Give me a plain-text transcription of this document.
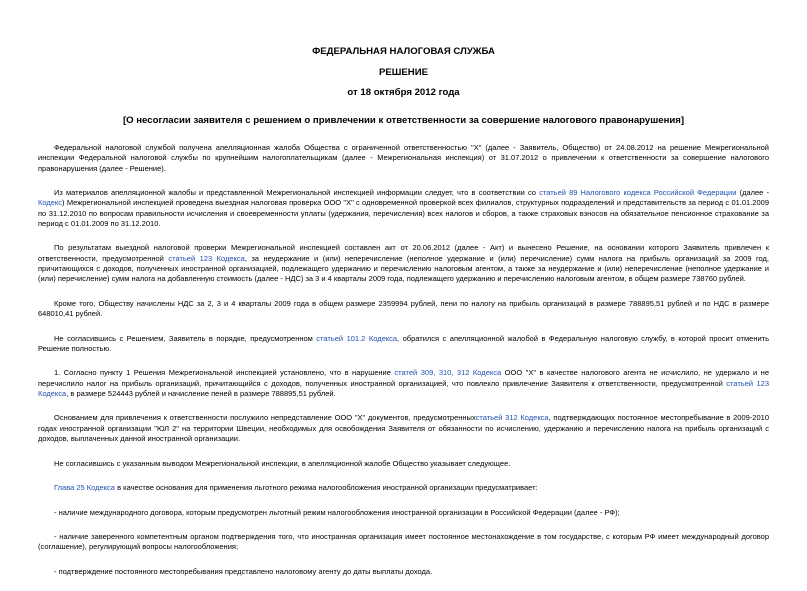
ФЕДЕРАЛЬНАЯ НАЛОГОВАЯ СЛУЖБА

РЕШЕНИЕ

от 18 октября 2012 года

[О несогласии заявителя с решением о привлечении к ответственности за совершение налогового правонарушения]

Федеральной налоговой службой получена апелляционная жалоба Общества с ограниченной ответственностью "Х" (далее - Заявитель, Общество) от 24.08.2012 на решение Межрегиональной инспекции Федеральной налоговой службы по крупнейшим налогоплательщикам (далее - Межрегиональная инспекция) от 31.07.2012 о привлечении к ответственности за совершение налогового правонарушения (далее - Решение).

Из материалов апелляционной жалобы и представленной Межрегиональной инспекцией информации следует, что в соответствии со статьей 89 Налогового кодекса Российской Федерации (далее - Кодекс) Межрегиональной инспекцией проведена выездная налоговая проверка ООО "Х" с одновременной проверкой всех филиалов, структурных подразделений и представительств за период с 01.01.2009 по 31.12.2010 по вопросам правильности исчисления и своевременности уплаты (удержания, перечисления) всех налогов и сборов, а также страховых взносов на обязательное пенсионное страхование за период с 01.01.2009 по 31.12.2010.

По результатам выездной налоговой проверки Межрегиональной инспекцией составлен акт от 20.06.2012 (далее - Акт) и вынесено Решение, на основании которого Заявитель привлечен к ответственности, предусмотренной статьей 123 Кодекса, за неудержание и (или) неперечисление (неполное удержание и (или) перечисление) сумм налога на прибыль организаций за 2009 год, причитающихся с доходов, полученных иностранной организацией, подлежащего удержанию и перечислению налоговым агентом, а также за неудержание и (или) неперечисление (неполное удержание и (или) перечисление) сумм налога на добавленную стоимость (далее - НДС) за 3 и 4 кварталы 2009 года, подлежащего удержанию и перечислению налоговым агентом, в общем размере 738760 рублей.

Кроме того, Обществу начислены НДС за 2, 3 и 4 кварталы 2009 года в общем размере 2359994 рублей, пени по налогу на прибыль организаций в размере 788895,51 рублей и по НДС в размере 648010,41 рублей.

Не согласившись с Решением, Заявитель в порядке, предусмотренном статьей 101.2 Кодекса, обратился с апелляционной жалобой в Федеральную налоговую службу, в которой просит отменить Решение полностью.

1. Согласно пункту 1 Решения Межрегиональной инспекцией установлено, что в нарушение статей 309, 310, 312 Кодекса ООО "Х" в качестве налогового агента не исчислило, не удержало и не перечислило налог на прибыль организаций, причитающийся с доходов, полученных иностранной организацией, что повлекло привлечение Заявителя к ответственности, предусмотренной статьей 123 Кодекса, в размере 524443 рублей и начисление пеней в размере 788895,51 рублей.

Основанием для привлечения к ответственности послужило непредставление ООО "Х" документов, предусмотренныхстатьей 312 Кодекса, подтверждающих постоянное местопребывание в 2009-2010 годах иностранной организации "ЮЛ 2" на территории Швеции, необходимых для освобождения Заявителя от обязанности по исчислению, удержанию и перечислению налога на прибыль организаций с доходов, выплаченных данной иностранной организации.

Не согласившись с указанным выводом Межрегиональной инспекции, в апелляционной жалобе Общество указывает следующее.

Глава 25 Кодекса в качестве основания для применения льготного режима налогообложения иностранной организации предусматривает:

- наличие международного договора, которым предусмотрен льготный режим налогообложения иностранной организации в Российской Федерации (далее - РФ);

- наличие заверенного компетентным органом подтверждения того, что иностранная организация имеет постоянное местонахождение в том государстве, с которым РФ имеет международный договор (соглашение), регулирующий вопросы налогообложения;

- подтверждение постоянного местопребывания представлено налоговому агенту до даты выплаты дохода.
